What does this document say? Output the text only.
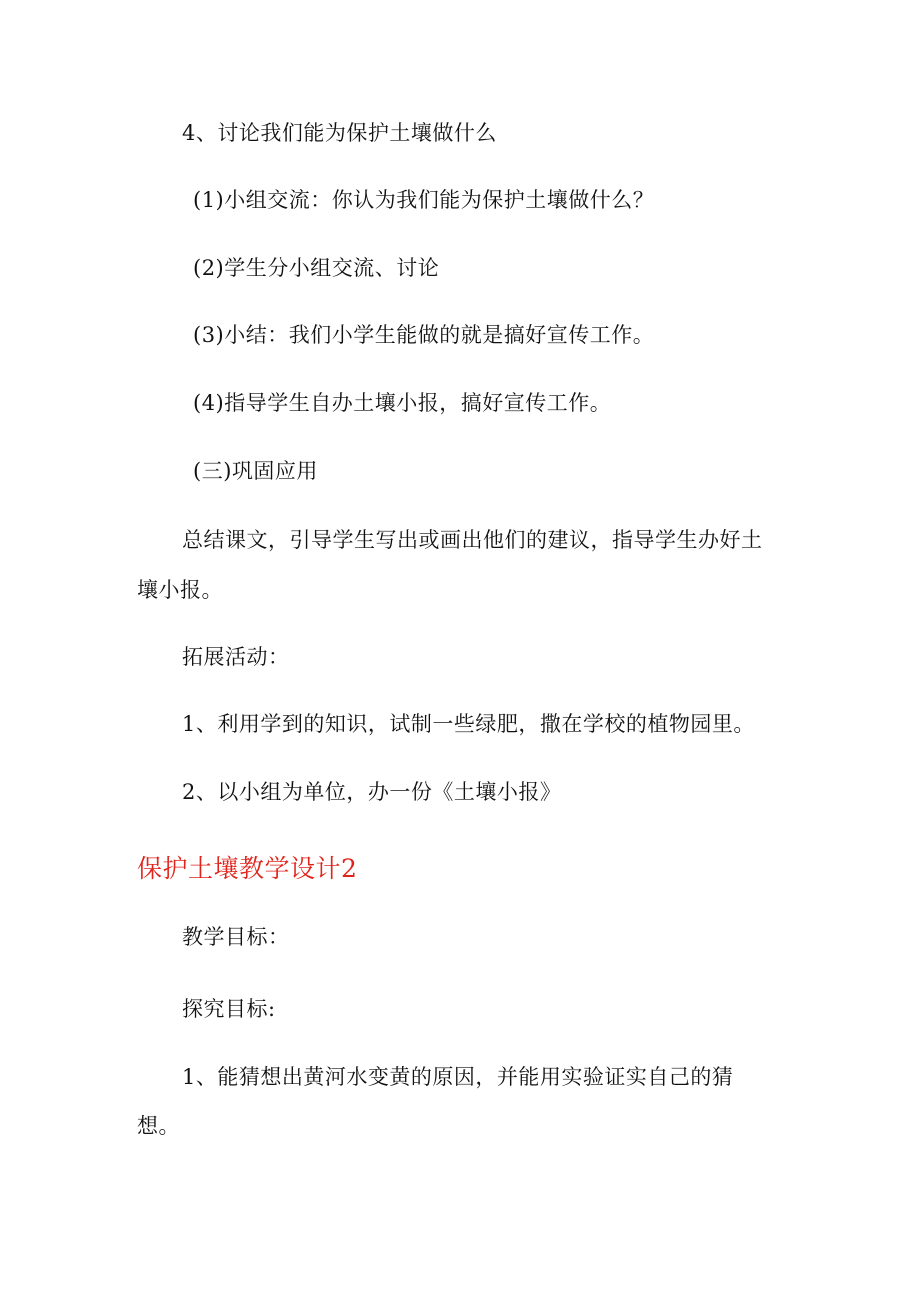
4、讨论我们能为保护土壤做什么
(1)小组交流：你认为我们能为保护土壤做什么？
(2)学生分小组交流、讨论
(3)小结：我们小学生能做的就是搞好宣传工作。
(4)指导学生自办土壤小报，搞好宣传工作。
(三)巩固应用
总结课文，引导学生写出或画出他们的建议，指导学生办好土
壤小报。
拓展活动：
1、利用学到的知识，试制一些绿肥，撒在学校的植物园里。
2、以小组为单位，办一份《土壤小报》
保护土壤教学设计2
教学目标：
探究目标:
1、能猜想出黄河水变黄的原因，并能用实验证实自己的猜
想。
